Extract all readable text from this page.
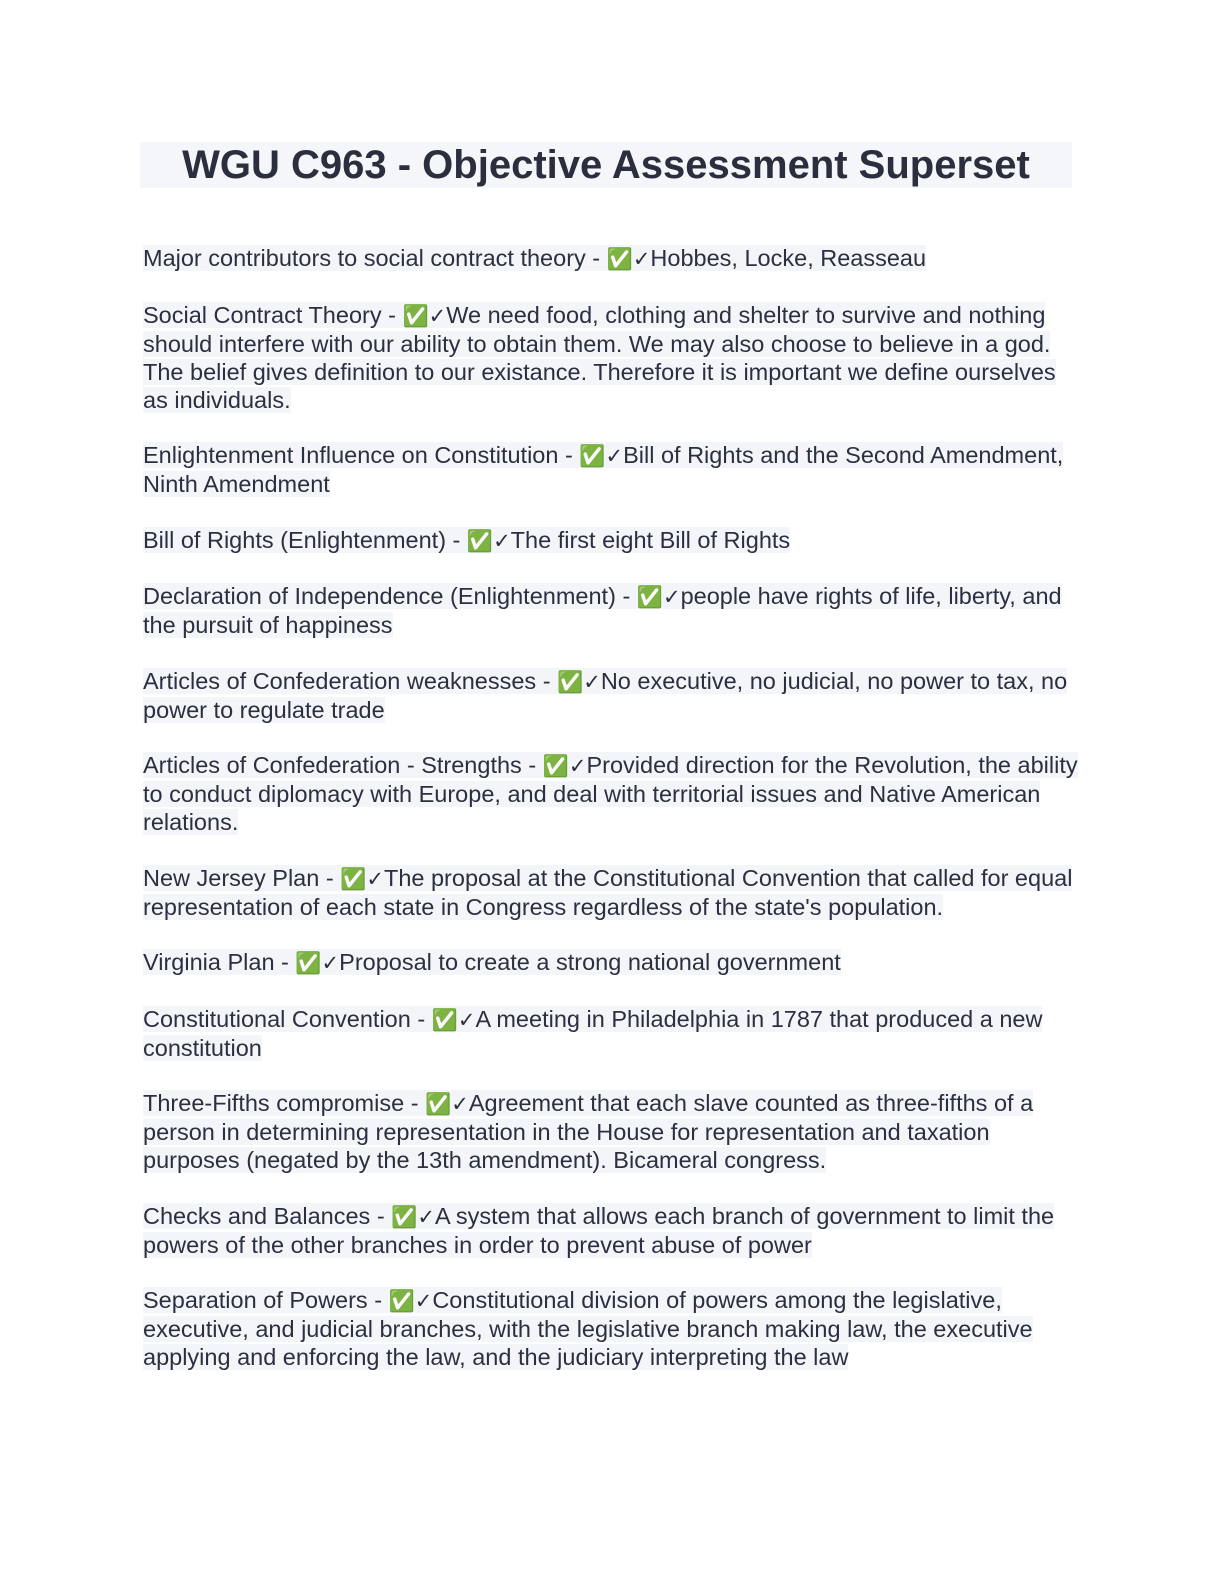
WGU C963 - Objective Assessment Superset

Major contributors to social contract theory - ✅✓Hobbes, Locke, Reasseau

Social Contract Theory - ✅✓We need food, clothing and shelter to survive and nothing should interfere with our ability to obtain them. We may also choose to believe in a god. The belief gives definition to our existance. Therefore it is important we define ourselves as individuals.

Enlightenment Influence on Constitution - ✅✓Bill of Rights and the Second Amendment, Ninth Amendment

Bill of Rights (Enlightenment) - ✅✓The first eight Bill of Rights

Declaration of Independence (Enlightenment) - ✅✓people have rights of life, liberty, and the pursuit of happiness

Articles of Confederation weaknesses - ✅✓No executive, no judicial, no power to tax, no power to regulate trade

Articles of Confederation - Strengths - ✅✓Provided direction for the Revolution, the ability to conduct diplomacy with Europe, and deal with territorial issues and Native American relations.

New Jersey Plan - ✅✓The proposal at the Constitutional Convention that called for equal representation of each state in Congress regardless of the state's population.

Virginia Plan - ✅✓Proposal to create a strong national government

Constitutional Convention - ✅✓A meeting in Philadelphia in 1787 that produced a new constitution

Three-Fifths compromise - ✅✓Agreement that each slave counted as three-fifths of a person in determining representation in the House for representation and taxation purposes (negated by the 13th amendment). Bicameral congress.

Checks and Balances - ✅✓A system that allows each branch of government to limit the powers of the other branches in order to prevent abuse of power

Separation of Powers - ✅✓Constitutional division of powers among the legislative, executive, and judicial branches, with the legislative branch making law, the executive applying and enforcing the law, and the judiciary interpreting the law
